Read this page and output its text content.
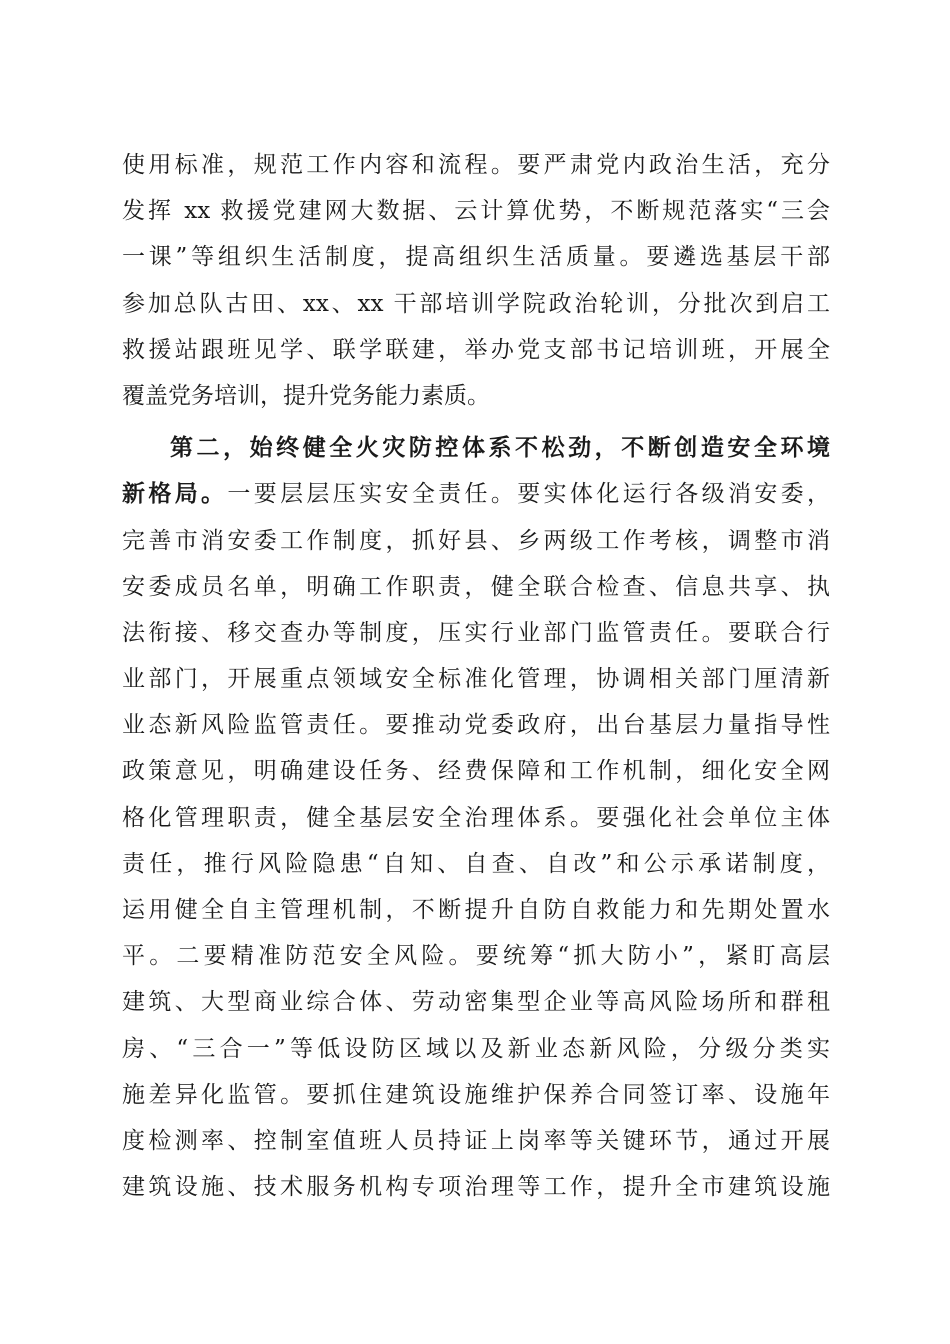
使用标准，规范工作内容和流程。要严肃党内政治生活，充分
发挥 xx 救援党建网大数据、云计算优势，不断规范落实“三会
一课”等组织生活制度，提高组织生活质量。要遴选基层干部
参加总队古田、xx、xx 干部培训学院政治轮训，分批次到启工
救援站跟班见学、联学联建，举办党支部书记培训班，开展全
覆盖党务培训，提升党务能力素质。
第二，始终健全火灾防控体系不松劲，不断创造安全环境
新格局。一要层层压实安全责任。要实体化运行各级消安委，
完善市消安委工作制度，抓好县、乡两级工作考核，调整市消
安委成员名单，明确工作职责，健全联合检查、信息共享、执
法衔接、移交查办等制度，压实行业部门监管责任。要联合行
业部门，开展重点领域安全标准化管理，协调相关部门厘清新
业态新风险监管责任。要推动党委政府，出台基层力量指导性
政策意见，明确建设任务、经费保障和工作机制，细化安全网
格化管理职责，健全基层安全治理体系。要强化社会单位主体
责任，推行风险隐患“自知、自查、自改”和公示承诺制度，
运用健全自主管理机制，不断提升自防自救能力和先期处置水
平。二要精准防范安全风险。要统筹“抓大防小”，紧盯高层
建筑、大型商业综合体、劳动密集型企业等高风险场所和群租
房、“三合一”等低设防区域以及新业态新风险，分级分类实
施差异化监管。要抓住建筑设施维护保养合同签订率、设施年
度检测率、控制室值班人员持证上岗率等关键环节，通过开展
建筑设施、技术服务机构专项治理等工作，提升全市建筑设施
